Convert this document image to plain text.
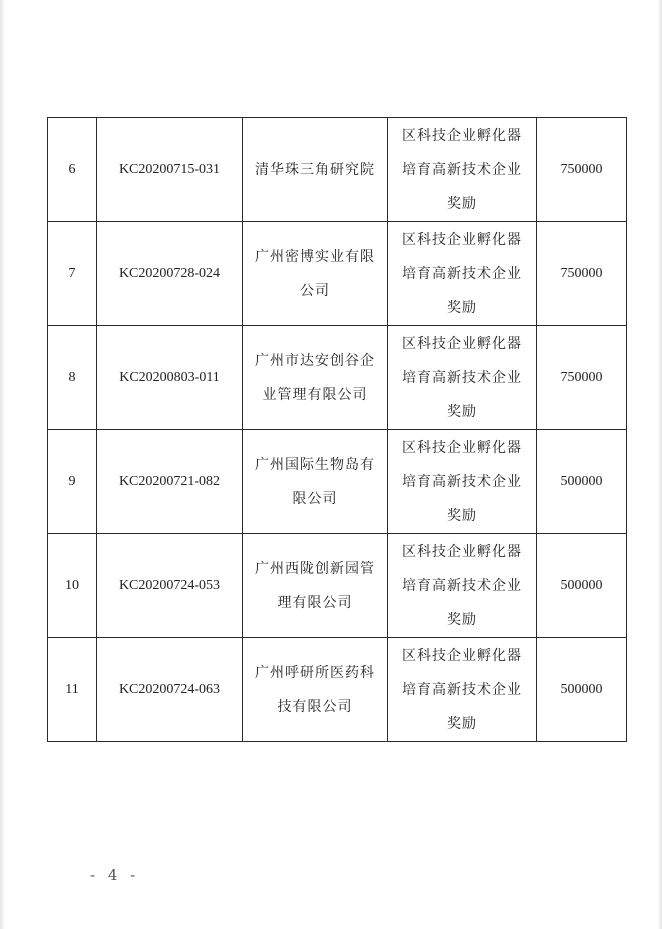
6	KC20200715-031	清华珠三角研究院	区科技企业孵化器培育高新技术企业奖励	750000
7	KC20200728-024	广州密博实业有限公司	区科技企业孵化器培育高新技术企业奖励	750000
8	KC20200803-011	广州市达安创谷企业管理有限公司	区科技企业孵化器培育高新技术企业奖励	750000
9	KC20200721-082	广州国际生物岛有限公司	区科技企业孵化器培育高新技术企业奖励	500000
10	KC20200724-053	广州西陇创新园管理有限公司	区科技企业孵化器培育高新技术企业奖励	500000
11	KC20200724-063	广州呼研所医药科技有限公司	区科技企业孵化器培育高新技术企业奖励	500000
- 4 -
